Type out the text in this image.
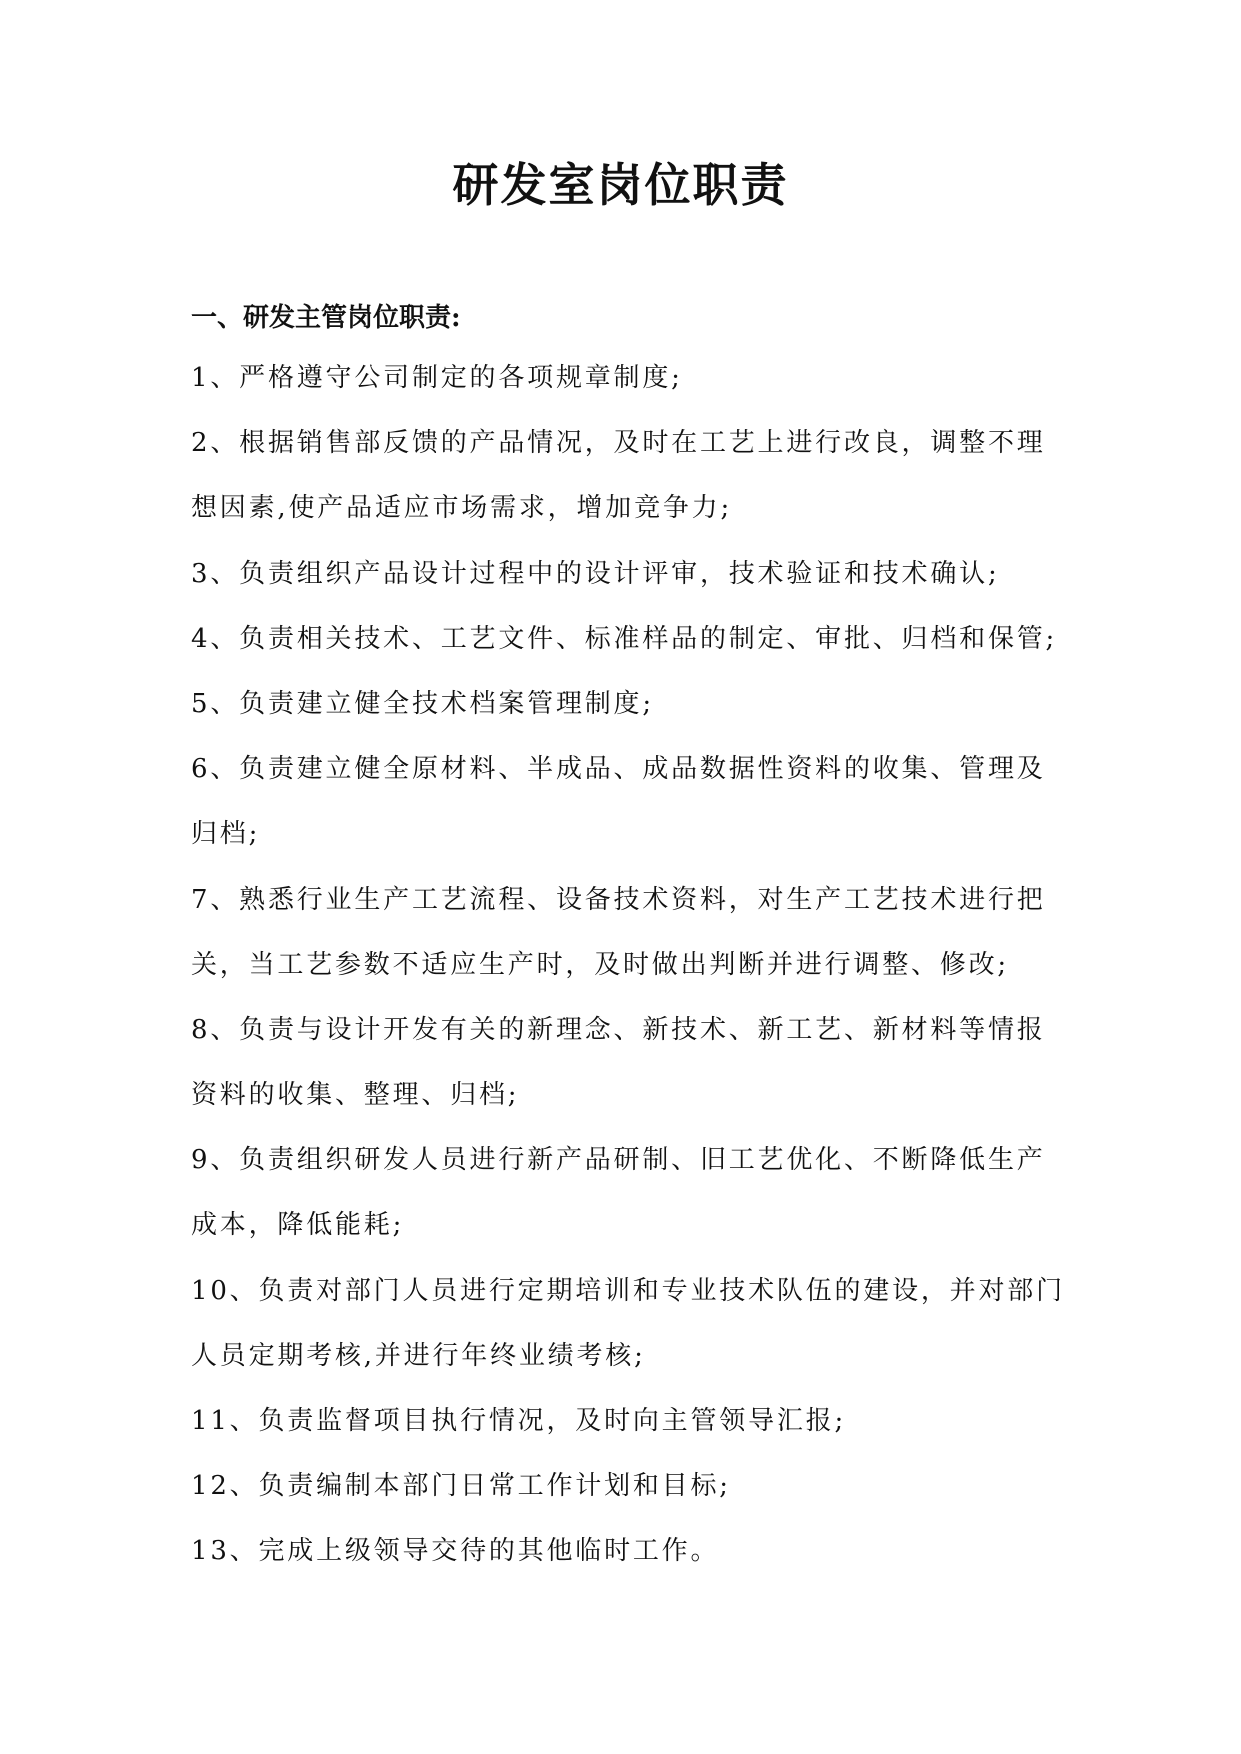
研发室岗位职责
一、研发主管岗位职责:
1、严格遵守公司制定的各项规章制度;
2、根据销售部反馈的产品情况，及时在工艺上进行改良，调整不理
想因素,使产品适应市场需求，增加竞争力;
3、负责组织产品设计过程中的设计评审，技术验证和技术确认;
4、负责相关技术、工艺文件、标准样品的制定、审批、归档和保管;
5、负责建立健全技术档案管理制度;
6、负责建立健全原材料、半成品、成品数据性资料的收集、管理及
归档;
7、熟悉行业生产工艺流程、设备技术资料，对生产工艺技术进行把
关，当工艺参数不适应生产时，及时做出判断并进行调整、修改;
8、负责与设计开发有关的新理念、新技术、新工艺、新材料等情报
资料的收集、整理、归档;
9、负责组织研发人员进行新产品研制、旧工艺优化、不断降低生产
成本，降低能耗;
10、负责对部门人员进行定期培训和专业技术队伍的建设，并对部门
人员定期考核,并进行年终业绩考核;
11、负责监督项目执行情况，及时向主管领导汇报;
12、负责编制本部门日常工作计划和目标;
13、完成上级领导交待的其他临时工作。
